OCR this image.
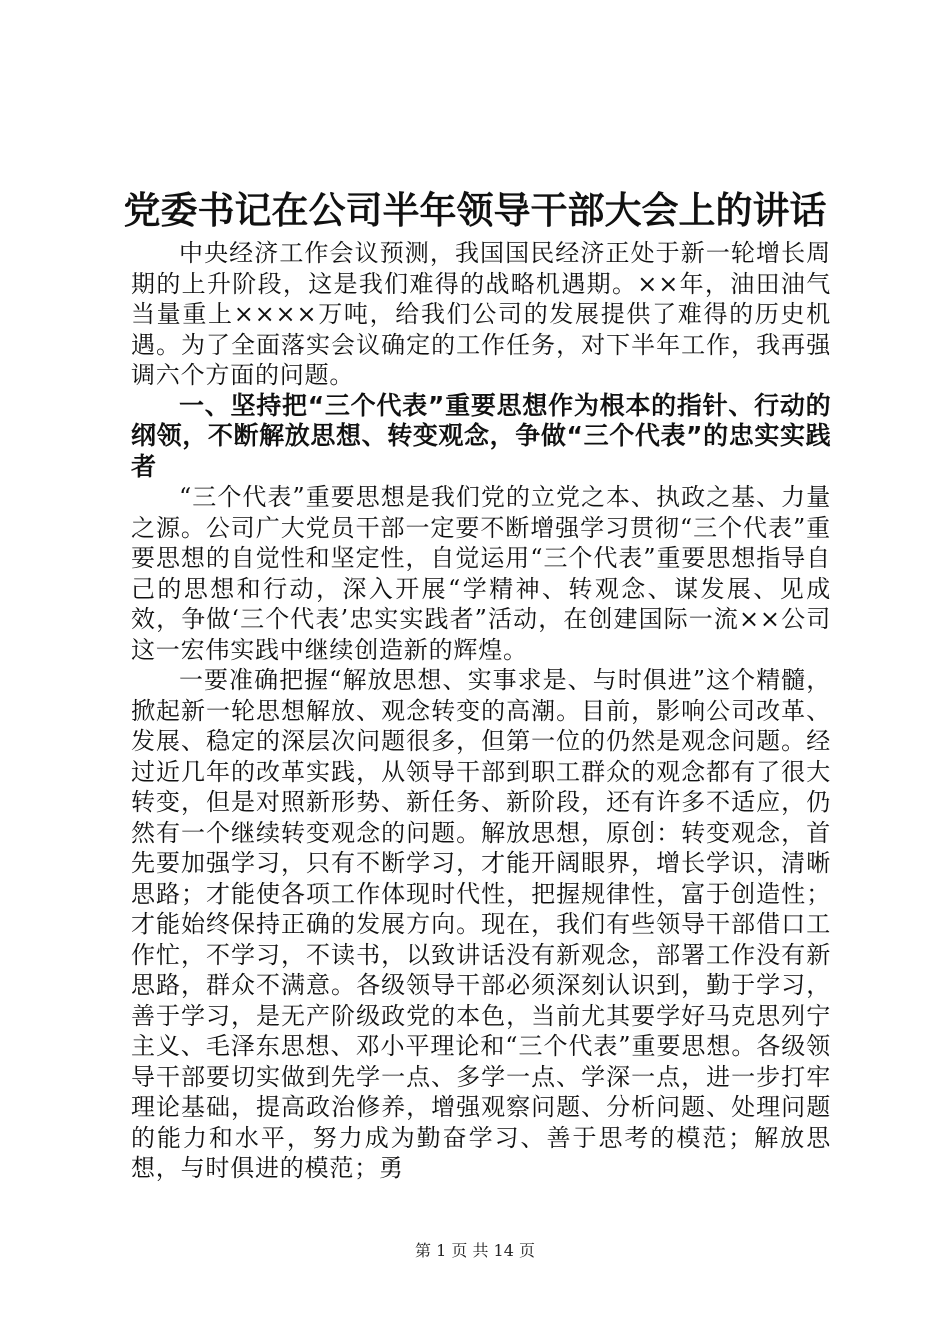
党委书记在公司半年领导干部大会上的讲话

中央经济工作会议预测，我国国民经济正处于新一轮增长周期的上升阶段，这是我们难得的战略机遇期。××年，油田油气当量重上××××万吨，给我们公司的发展提供了难得的历史机遇。为了全面落实会议确定的工作任务，对下半年工作，我再强调六个方面的问题。

一、坚持把“三个代表”重要思想作为根本的指针、行动的纲领，不断解放思想、转变观念，争做“三个代表”的忠实实践者

“三个代表”重要思想是我们党的立党之本、执政之基、力量之源。公司广大党员干部一定要不断增强学习贯彻“三个代表”重要思想的自觉性和坚定性，自觉运用“三个代表”重要思想指导自己的思想和行动，深入开展“学精神、转观念、谋发展、见成效，争做‘三个代表’忠实实践者”活动，在创建国际一流××公司这一宏伟实践中继续创造新的辉煌。

一要准确把握“解放思想、实事求是、与时俱进”这个精髓，掀起新一轮思想解放、观念转变的高潮。目前，影响公司改革、发展、稳定的深层次问题很多，但第一位的仍然是观念问题。经过近几年的改革实践，从领导干部到职工群众的观念都有了很大转变，但是对照新形势、新任务、新阶段，还有许多不适应，仍然有一个继续转变观念的问题。解放思想，原创：转变观念，首先要加强学习，只有不断学习，才能开阔眼界，增长学识，清晰思路；才能使各项工作体现时代性，把握规律性，富于创造性；才能始终保持正确的发展方向。现在，我们有些领导干部借口工作忙，不学习，不读书，以致讲话没有新观念，部署工作没有新思路，群众不满意。各级领导干部必须深刻认识到，勤于学习，善于学习，是无产阶级政党的本色，当前尤其要学好马克思列宁主义、毛泽东思想、邓小平理论和“三个代表”重要思想。各级领导干部要切实做到先学一点、多学一点、学深一点，进一步打牢理论基础，提高政治修养，增强观察问题、分析问题、处理问题的能力和水平，努力成为勤奋学习、善于思考的模范；解放思想，与时俱进的模范；勇

第 1 页 共 14 页
